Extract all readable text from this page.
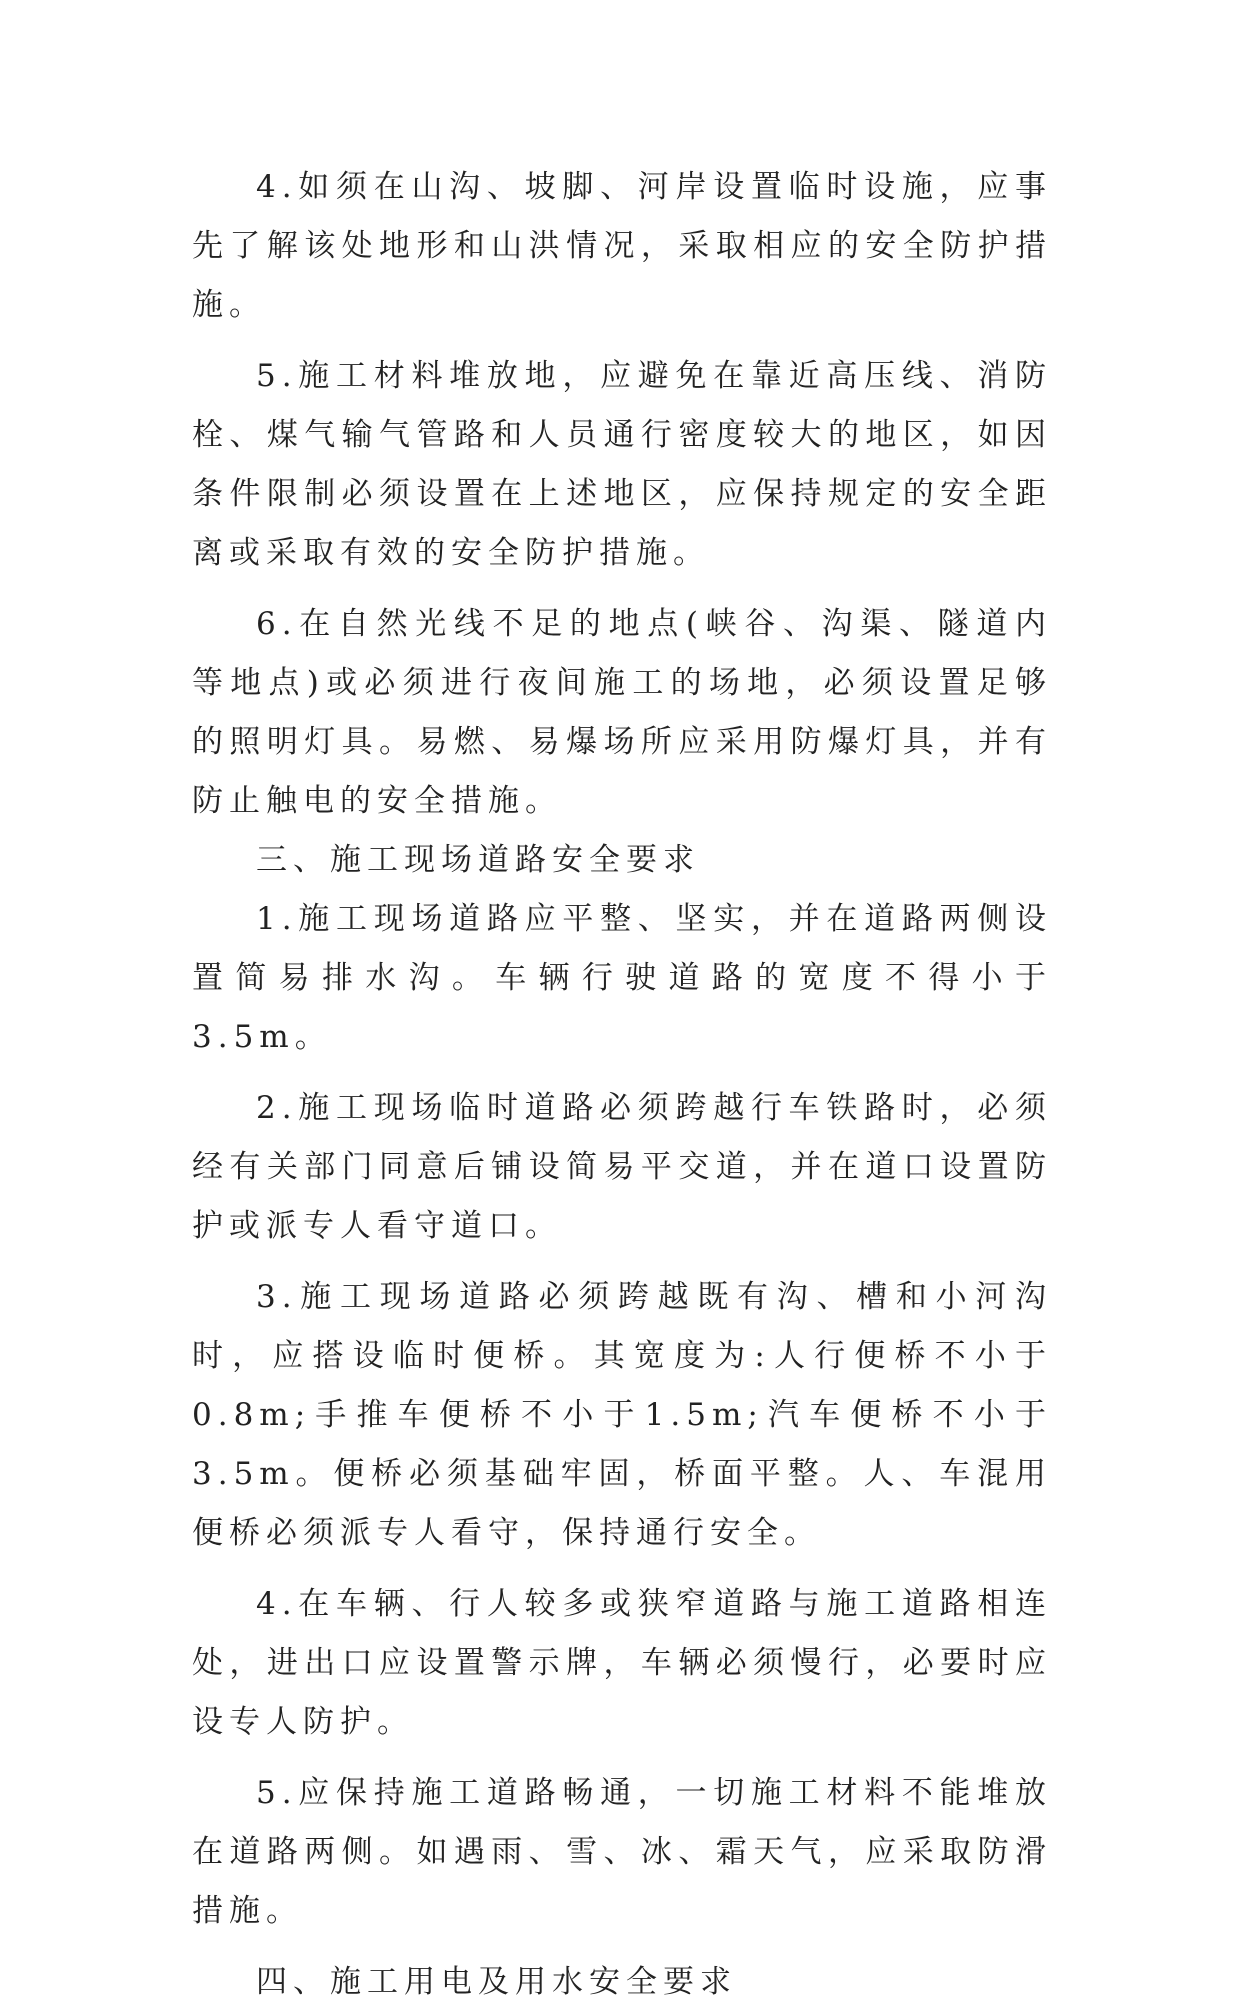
4.如须在山沟、坡脚、河岸设置临时设施，应事先了解该处地形和山洪情况，采取相应的安全防护措施。

5.施工材料堆放地，应避免在靠近高压线、消防栓、煤气输气管路和人员通行密度较大的地区，如因条件限制必须设置在上述地区，应保持规定的安全距离或采取有效的安全防护措施。

6.在自然光线不足的地点(峡谷、沟渠、隧道内等地点)或必须进行夜间施工的场地，必须设置足够的照明灯具。易燃、易爆场所应采用防爆灯具，并有防止触电的安全措施。

三、施工现场道路安全要求

1.施工现场道路应平整、坚实，并在道路两侧设置简易排水沟。车辆行驶道路的宽度不得小于3.5m。

2.施工现场临时道路必须跨越行车铁路时，必须经有关部门同意后铺设简易平交道，并在道口设置防护或派专人看守道口。

3.施工现场道路必须跨越既有沟、槽和小河沟时，应搭设临时便桥。其宽度为:人行便桥不小于0.8m;手推车便桥不小于1.5m;汽车便桥不小于3.5m。便桥必须基础牢固，桥面平整。人、车混用便桥必须派专人看守，保持通行安全。

4.在车辆、行人较多或狭窄道路与施工道路相连处，进出口应设置警示牌，车辆必须慢行，必要时应设专人防护。

5.应保持施工道路畅通，一切施工材料不能堆放在道路两侧。如遇雨、雪、冰、霜天气，应采取防滑措施。

四、施工用电及用水安全要求
